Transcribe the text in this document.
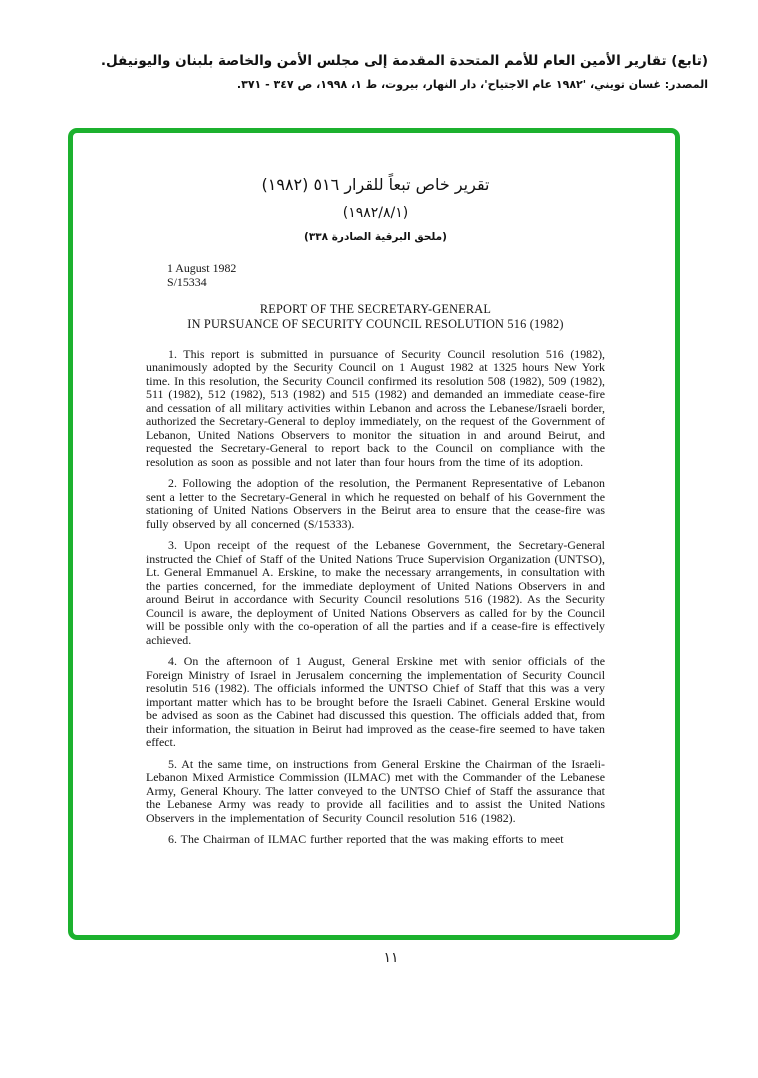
(تابع) تقارير الأمين العام للأمم المتحدة المقدمة إلى مجلس الأمن والخاصة بلبنان واليونيفل.
المصدر: غسان تويني، '١٩٨٢ عام الاجتياح'، دار النهار، بيروت، ط ١، ١٩٩٨، ص ٣٤٧ - ٣٧١.
تقرير خاص تبعاً للقرار ٥١٦ (١٩٨٢)
(١٩٨٢/٨/١)
(ملحق البرقية الصادرة ٣٣٨)
1 August 1982
S/15334
REPORT OF THE SECRETARY-GENERAL
IN PURSUANCE OF SECURITY COUNCIL RESOLUTION 516 (1982)

1. This report is submitted in pursuance of Security Council resolution 516 (1982), unanimously adopted by the Security Council on 1 August 1982 at 1325 hours New York time. In this resolution, the Security Council confirmed its resolution 508 (1982), 509 (1982), 511 (1982), 512 (1982), 513 (1982) and 515 (1982) and demanded an immediate cease-fire and cessation of all military activities within Lebanon and across the Lebanese/Israeli border, authorized the Secretary-General to deploy immediately, on the request of the Government of Lebanon, United Nations Observers to monitor the situation in and around Beirut, and requested the Secretary-General to report back to the Council on compliance with the resolution as soon as possible and not later than four hours from the time of its adoption.

2. Following the adoption of the resolution, the Permanent Representative of Lebanon sent a letter to the Secretary-General in which he requested on behalf of his Government the stationing of United Nations Observers in the Beirut area to ensure that the cease-fire was fully observed by all concerned (S/15333).

3. Upon receipt of the request of the Lebanese Government, the Secretary-General instructed the Chief of Staff of the United Nations Truce Supervision Organization (UNTSO), Lt. General Emmanuel A. Erskine, to make the necessary arrangements, in consultation with the parties concerned, for the immediate deployment of United Nations Observers in and around Beirut in accordance with Security Council resolutions 516 (1982). As the Security Council is aware, the deployment of United Nations Observers as called for by the Council will be possible only with the co-operation of all the parties and if a cease-fire is effectively achieved.

4. On the afternoon of 1 August, General Erskine met with senior officials of the Foreign Ministry of Israel in Jerusalem concerning the implementation of Security Council resolutin 516 (1982). The officials informed the UNTSO Chief of Staff that this was a very important matter which has to be brought before the Israeli Cabinet. General Erskine would be advised as soon as the Cabinet had discussed this question. The officials added that, from their information, the situation in Beirut had improved as the cease-fire seemed to have taken effect.

5. At the same time, on instructions from General Erskine the Chairman of the Israeli-Lebanon Mixed Armistice Commission (ILMAC) met with the Commander of the Lebanese Army, General Khoury. The latter conveyed to the UNTSO Chief of Staff the assurance that the Lebanese Army was ready to provide all facilities and to assist the United Nations Observers in the implementation of Security Council resolution 516 (1982).

6. The Chairman of ILMAC further reported that the was making efforts to meet

١١
